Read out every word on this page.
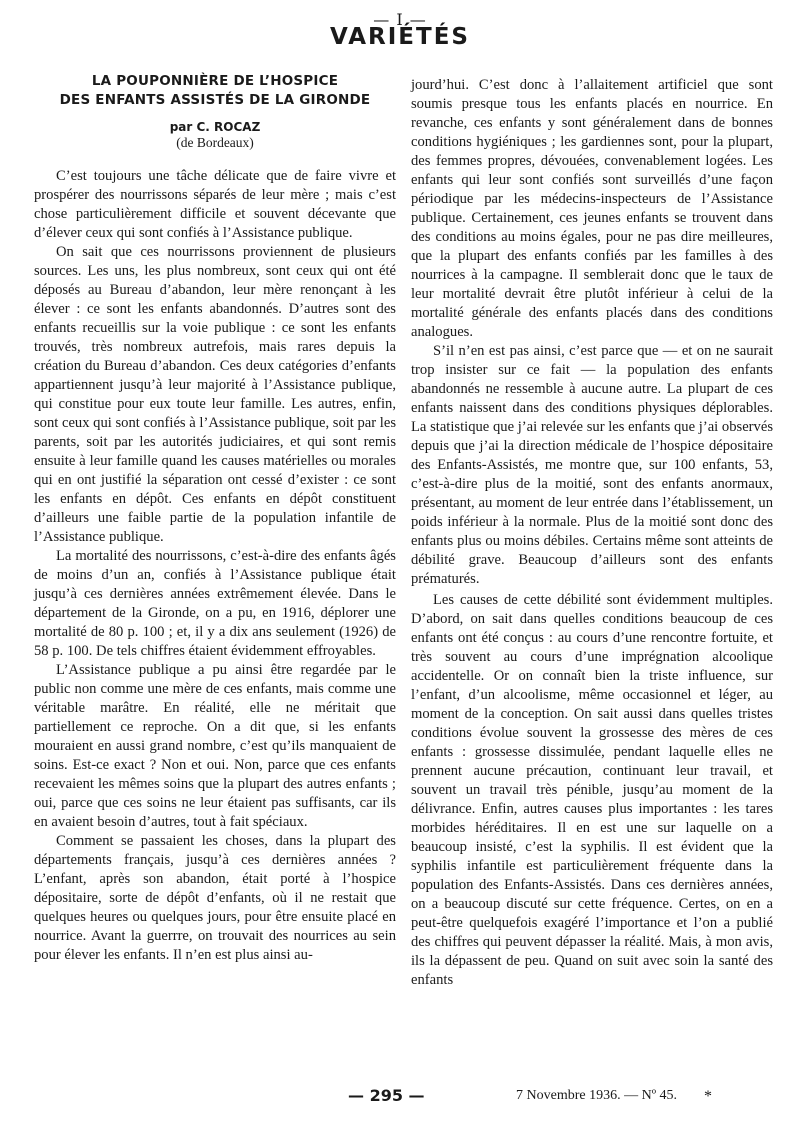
— I —
VARIÉTÉS
LA POUPONNIÈRE DE L’HOSPICE
DES ENFANTS ASSISTÉS DE LA GIRONDE
par C. ROCAZ
(de Bordeaux)

C’est toujours une tâche délicate que de faire vivre et prospérer des nourrissons séparés de leur mère ; mais c’est chose particulièrement difficile et souvent décevante que d’élever ceux qui sont confiés à l’Assistance publique.

On sait que ces nourrissons proviennent de plusieurs sources. Les uns, les plus nombreux, sont ceux qui ont été déposés au Bureau d’abandon, leur mère renonçant à les élever : ce sont les enfants abandonnés. D’autres sont des enfants recueillis sur la voie publique : ce sont les enfants trouvés, très nombreux autrefois, mais rares depuis la création du Bureau d’abandon. Ces deux catégories d’enfants appartiennent jusqu’à leur majorité à l’Assistance publique, qui constitue pour eux toute leur famille. Les autres, enfin, sont ceux qui sont confiés à l’Assistance publique, soit par les parents, soit par les autorités judiciaires, et qui sont remis ensuite à leur famille quand les causes matérielles ou morales qui en ont justifié la séparation ont cessé d’exister : ce sont les enfants en dépôt. Ces enfants en dépôt constituent d’ailleurs une faible partie de la population infantile de l’Assistance publique.

La mortalité des nourrissons, c’est-à-dire des enfants âgés de moins d’un an, confiés à l’Assistance publique était jusqu’à ces dernières années extrêmement élevée. Dans le département de la Gironde, on a pu, en 1916, déplorer une mortalité de 80 p. 100 ; et, il y a dix ans seulement (1926) de 58 p. 100. De tels chiffres étaient évidemment effroyables.

L’Assistance publique a pu ainsi être regardée par le public non comme une mère de ces enfants, mais comme une véritable marâtre. En réalité, elle ne méritait que partiellement ce reproche. On a dit que, si les enfants mouraient en aussi grand nombre, c’est qu’ils manquaient de soins. Est-ce exact ? Non et oui. Non, parce que ces enfants recevaient les mêmes soins que la plupart des autres enfants ; oui, parce que ces soins ne leur étaient pas suffisants, car ils en avaient besoin d’autres, tout à fait spéciaux.

Comment se passaient les choses, dans la plupart des départements français, jusqu’à ces dernières années ? L’enfant, après son abandon, était porté à l’hospice dépositaire, sorte de dépôt d’enfants, où il ne restait que quelques heures ou quelques jours, pour être ensuite placé en nourrice. Avant la guerrre, on trouvait des nourrices au sein pour élever les enfants. Il n’en est plus ainsi au-

jourd’hui. C’est donc à l’allaitement artificiel que sont soumis presque tous les enfants placés en nourrice. En revanche, ces enfants y sont généralement dans de bonnes conditions hygiéniques ; les gardiennes sont, pour la plupart, des femmes propres, dévouées, convenablement logées. Les enfants qui leur sont confiés sont surveillés d’une façon périodique par les médecins-inspecteurs de l’Assistance publique. Certainement, ces jeunes enfants se trouvent dans des conditions au moins égales, pour ne pas dire meilleures, que la plupart des enfants confiés par les familles à des nourrices à la campagne. Il semblerait donc que le taux de leur mortalité devrait être plutôt inférieur à celui de la mortalité générale des enfants placés dans des conditions analogues.

S’il n’en est pas ainsi, c’est parce que — et on ne saurait trop insister sur ce fait — la population des enfants abandonnés ne ressemble à aucune autre. La plupart de ces enfants naissent dans des conditions physiques déplorables. La statistique que j’ai relevée sur les enfants que j’ai observés depuis que j’ai la direction médicale de l’hospice dépositaire des Enfants-Assistés, me montre que, sur 100 enfants, 53, c’est-à-dire plus de la moitié, sont des enfants anormaux, présentant, au moment de leur entrée dans l’établissement, un poids inférieur à la normale. Plus de la moitié sont donc des enfants plus ou moins débiles. Certains même sont atteints de débilité grave. Beaucoup d’ailleurs sont des enfants prématurés.

Les causes de cette débilité sont évidemment multiples. D’abord, on sait dans quelles conditions beaucoup de ces enfants ont été conçus : au cours d’une rencontre fortuite, et très souvent au cours d’une imprégnation alcoolique accidentelle. Or on connaît bien la triste influence, sur l’enfant, d’un alcoolisme, même occasionnel et léger, au moment de la conception. On sait aussi dans quelles tristes conditions évolue souvent la grossesse des mères de ces enfants : grossesse dissimulée, pendant laquelle elles ne prennent aucune précaution, continuant leur travail, et souvent un travail très pénible, jusqu’au moment de la délivrance. Enfin, autres causes plus importantes : les tares morbides héréditaires. Il en est une sur laquelle on a beaucoup insisté, c’est la syphilis. Il est évident que la syphilis infantile est particulièrement fréquente dans la population des Enfants-Assistés. Dans ces dernières années, on a beaucoup discuté sur cette fréquence. Certes, on en a peut-être quelquefois exagéré l’importance et l’on a publié des chiffres qui peuvent dépasser la réalité. Mais, à mon avis, ils la dépassent de peu. Quand on suit avec soin la santé des enfants

— 295 —	7 Novembre 1936. — Nº 45. *
